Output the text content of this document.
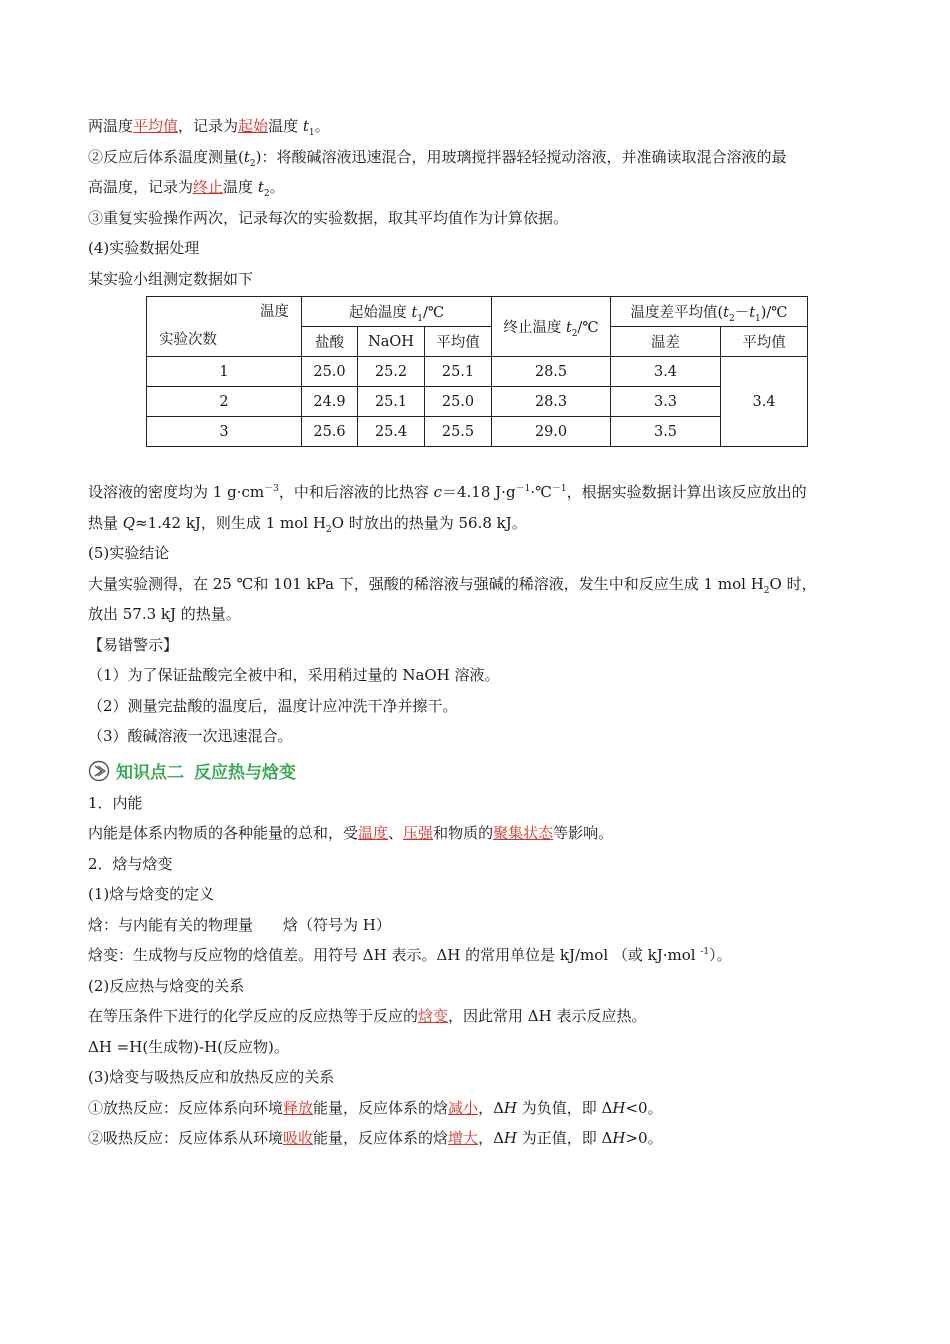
两温度平均值，记录为起始温度 $t_1$。
②反应后体系温度测量$(t_2)$：将酸碱溶液迅速混合，用玻璃搅拌器轻轻搅动溶液，并准确读取混合溶液的最
高温度，记录为终止温度 $t_2$。
③重复实验操作两次，记录每次的实验数据，取其平均值作为计算依据。
(4)实验数据处理
某实验小组测定数据如下
温度
实验次数	起始温度 $t_1/℃$			终止温度 $t_2/℃$	温度差平均值$(t_2-t_1)/℃$	
	盐酸	NaOH	平均值		温差	平均值
1	25.0	25.2	25.1	28.5	3.4	3.4
2	24.9	25.1	25.0	28.3	3.3	
3	25.6	25.4	25.5	29.0	3.5	
设溶液的密度均为 1 $g\cdot cm^{-3}$，中和后溶液的比热容 c＝4.18 $J\cdot g^{-1}\cdot℃^{-1}$，根据实验数据计算出该反应放出的
热量 Q≈1.42 kJ，则生成 1 mol $H_2O$ 时放出的热量为 56.8 kJ。
(5)实验结论
大量实验测得，在 25 ℃和 101 kPa 下，强酸的稀溶液与强碱的稀溶液，发生中和反应生成 1 mol $H_2O$ 时，
放出 57.3 kJ 的热量。
【易错警示】
（1）为了保证盐酸完全被中和，采用稍过量的 NaOH 溶液。
（2）测量完盐酸的温度后，温度计应冲洗干净并擦干。
（3）酸碱溶液一次迅速混合。
知识点二 反应热与焓变
1．内能
内能是体系内物质的各种能量的总和，受温度、压强和物质的聚集状态等影响。
2．焓与焓变
(1)焓与焓变的定义
焓：与内能有关的物理量　　焓（符号为 H）
焓变：生成物与反应物的焓值差。用符号 ΔH 表示。ΔH 的常用单位是 kJ/mol （或 kJ·mol $^{-1}$）。
(2)反应热与焓变的关系
在等压条件下进行的化学反应的反应热等于反应的焓变，因此常用 ΔH 表示反应热。
ΔH =H(生成物)-H(反应物)。
(3)焓变与吸热反应和放热反应的关系
①放热反应：反应体系向环境释放能量，反应体系的焓减小，ΔH 为负值，即 ΔH<0。
②吸热反应：反应体系从环境吸收能量，反应体系的焓增大，ΔH 为正值，即 ΔH>0。
